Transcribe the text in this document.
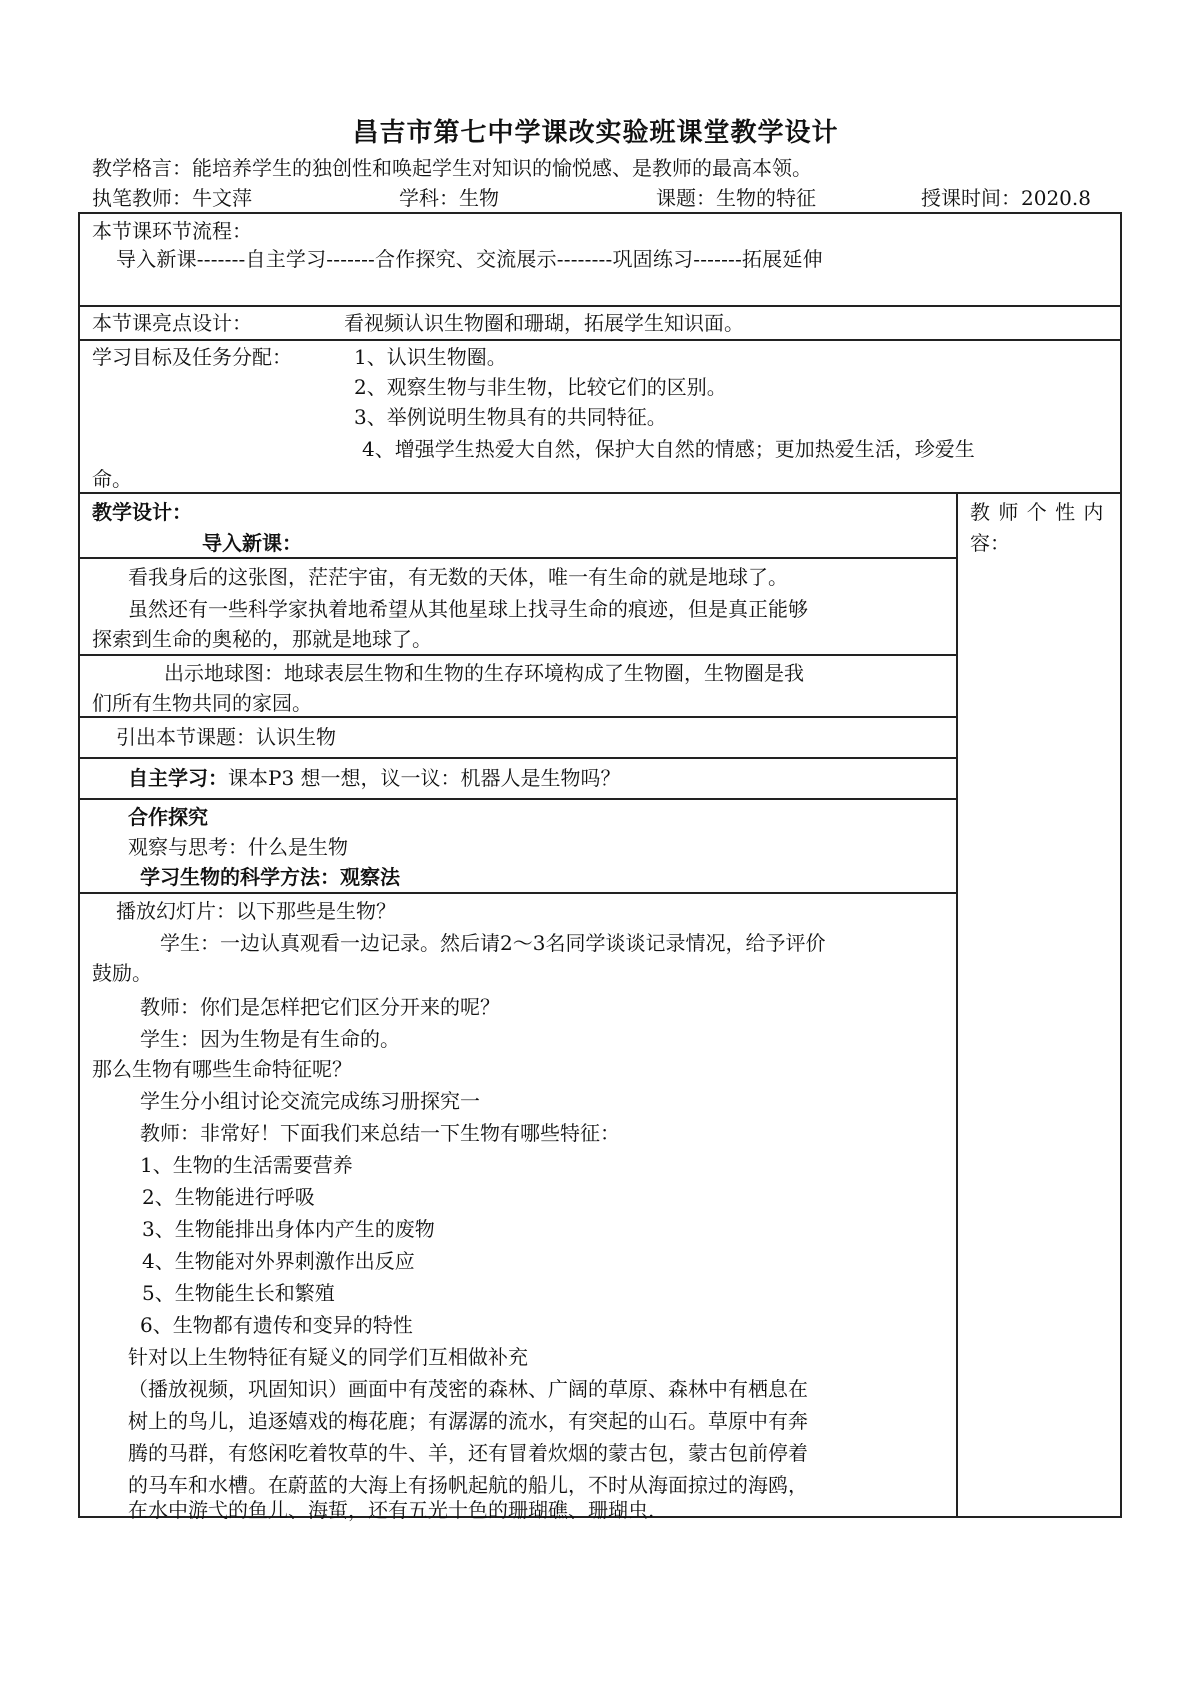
昌吉市第七中学课改实验班课堂教学设计
教学格言：能培养学生的独创性和唤起学生对知识的愉悦感、是教师的最高本领。
执笔教师：牛文萍	学科：生物	课题：生物的特征	授课时间：2020.8
本节课环节流程：
导入新课-------自主学习-------合作探究、交流展示--------巩固练习-------拓展延伸
本节课亮点设计：	看视频认识生物圈和珊瑚，拓展学生知识面。
学习目标及任务分配：	1、认识生物圈。
2、观察生物与非生物，比较它们的区别。
3、举例说明生物具有的共同特征。
4、增强学生热爱大自然，保护大自然的情感；更加热爱生活，珍爱生
命。
教 师 个 性 内
容：
教学设计：
导入新课：
看我身后的这张图，茫茫宇宙，有无数的天体，唯一有生命的就是地球了。
虽然还有一些科学家执着地希望从其他星球上找寻生命的痕迹，但是真正能够
探索到生命的奥秘的，那就是地球了。
出示地球图：地球表层生物和生物的生存环境构成了生物圈，生物圈是我
们所有生物共同的家园。
引出本节课题：认识生物
自主学习：课本P3 想一想，议一议：机器人是生物吗？
合作探究
观察与思考：什么是生物
学习生物的科学方法：观察法
播放幻灯片：以下那些是生物？
学生：一边认真观看一边记录。然后请2～3名同学谈谈记录情况，给予评价
鼓励。
教师：你们是怎样把它们区分开来的呢？
学生：因为生物是有生命的。
那么生物有哪些生命特征呢？
学生分小组讨论交流完成练习册探究一
教师：非常好！下面我们来总结一下生物有哪些特征：
1、生物的生活需要营养
2、生物能进行呼吸
3、生物能排出身体内产生的废物
4、生物能对外界刺激作出反应
5、生物能生长和繁殖
6、生物都有遗传和变异的特性
针对以上生物特征有疑义的同学们互相做补充
（播放视频，巩固知识）画面中有茂密的森林、广阔的草原、森林中有栖息在
树上的鸟儿，追逐嬉戏的梅花鹿；有潺潺的流水，有突起的山石。草原中有奔
腾的马群，有悠闲吃着牧草的牛、羊，还有冒着炊烟的蒙古包，蒙古包前停着
的马车和水槽。在蔚蓝的大海上有扬帆起航的船儿，不时从海面掠过的海鸥，
在水中游弋的鱼儿、海蜇，还有五光十色的珊瑚礁、珊瑚虫.
